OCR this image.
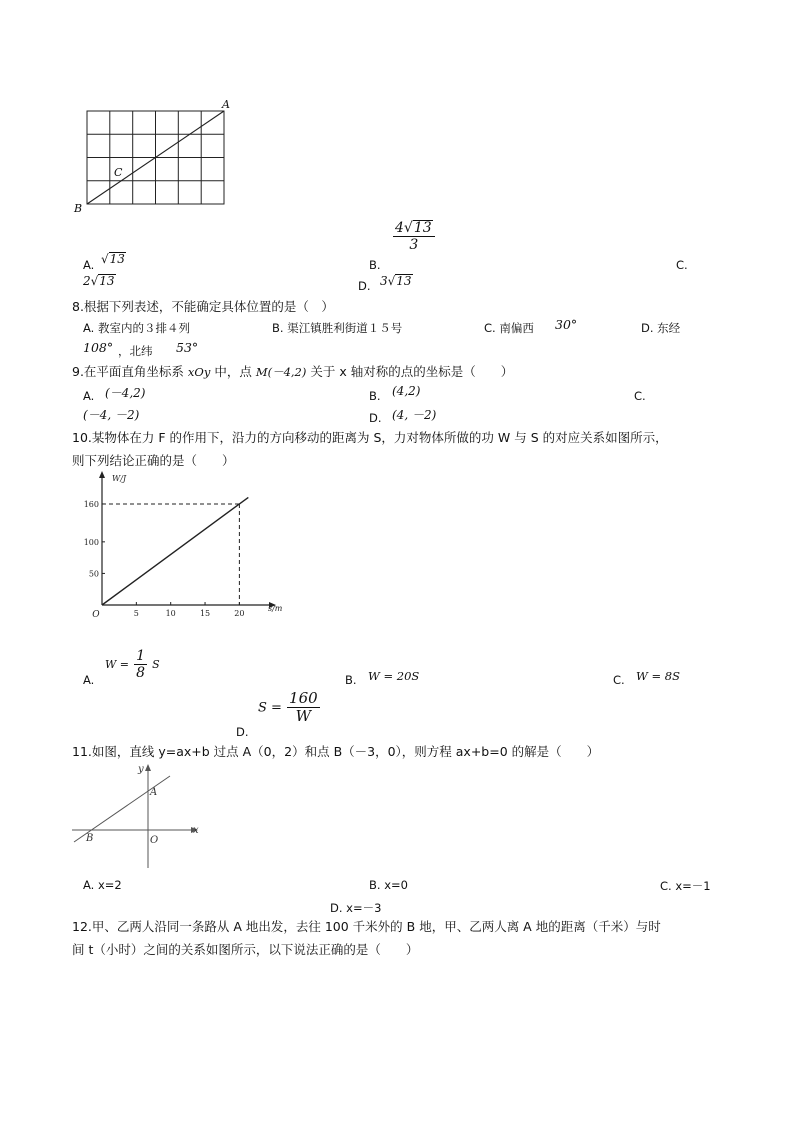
A
B
C
A. √13	B.
$\frac{4√13}{3}$
C.
2√13	D. 3√13
8.根据下列表述，不能确定具体位置的是（　）
A. 教室内的３排４列	B. 渠江镇胜利街道１５号	C. 南偏西 30°	D. 东经
108° ，北纬 53°
9.在平面直角坐标系 xOy 中，点 M(－4,2) 关于 x 轴对称的点的坐标是（　　）
A. (－4,2)	B. (4,2)	C.
(－4, －2)	D. (4, －2)
10.某物体在力 F 的作用下，沿力的方向移动的距离为 S，力对物体所做的功 W 与 S 的对应关系如图所示，
则下列结论正确的是（　　）
W/J
s/m
O	5	10	15	20
50
100
160
A.
$W = \frac{1}{8}$ S
B. W = 20S	C. W = 8S
D.
$S = \frac{160}{W}$
11.如图，直线 y=ax+b 过点 A（0，2）和点 B（－3，0），则方程 ax+b=0 的解是（　　）
y
x
A
B	O
A. x=2	B. x=0	C. x=－1
D. x=－3
12.甲、乙两人沿同一条路从 A 地出发，去往 100 千米外的 B 地，甲、乙两人离 A 地的距离（千米）与时
间 t（小时）之间的关系如图所示，以下说法正确的是（　　）
